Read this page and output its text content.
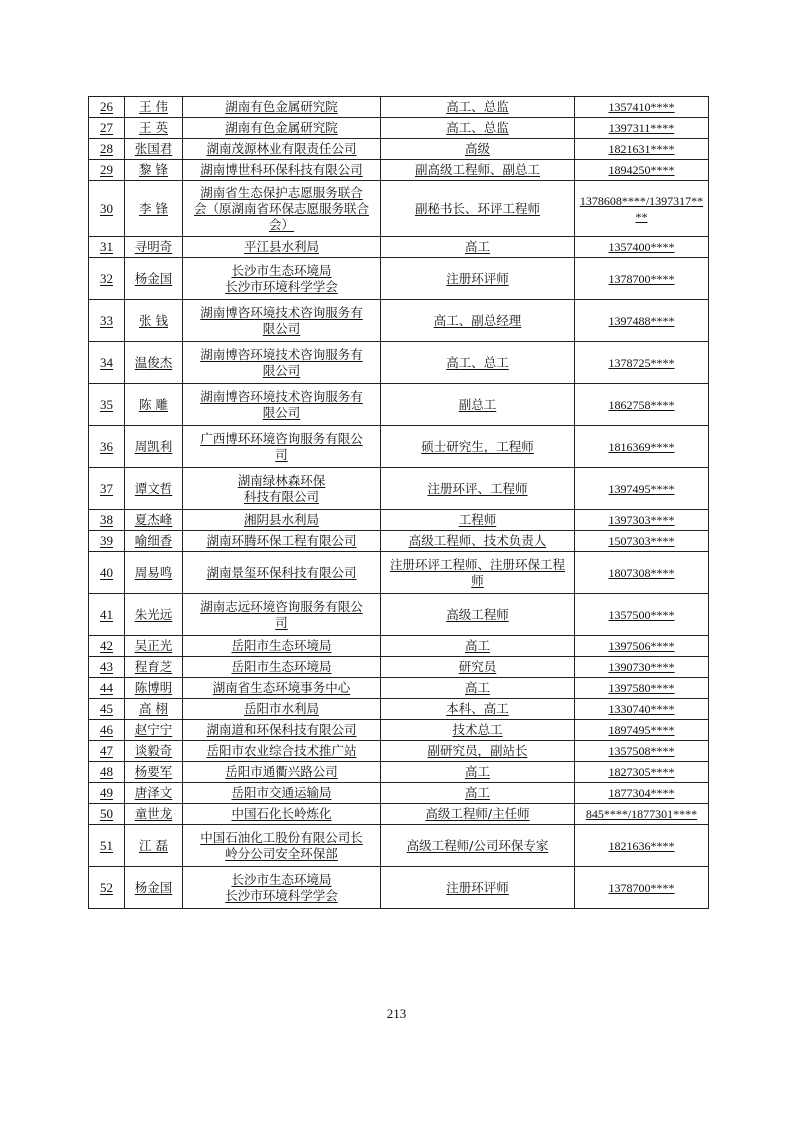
26	王 伟	湖南有色金属研究院	高工、总监	1357410****
27	王 英	湖南有色金属研究院	高工、总监	1397311****
28	张国君	湖南茂源林业有限责任公司	高级	1821631****
29	黎 锋	湖南博世科环保科技有限公司	副高级工程师、副总工	1894250****
30	李 锋	湖南省生态保护志愿服务联合
会（原湖南省环保志愿服务联合
会）	副秘书长、环评工程师	1378608****/1397317****
31	寻明奇	平江县水利局	高工	1357400****
32	杨金国	长沙市生态环境局
长沙市环境科学学会	注册环评师	1378700****
33	张 钱	湖南博咨环境技术咨询服务有
限公司	高工、副总经理	1397488****
34	温俊杰	湖南博咨环境技术咨询服务有
限公司	高工、总工	1378725****
35	陈 雕	湖南博咨环境技术咨询服务有
限公司	副总工	1862758****
36	周凯利	广西博环环境咨询服务有限公
司	硕士研究生，工程师	1816369****
37	谭文哲	湖南绿林森环保
科技有限公司	注册环评、工程师	1397495****
38	夏杰峰	湘阴县水利局	工程师	1397303****
39	喻细香	湖南环腾环保工程有限公司	高级工程师、技术负责人	1507303****
40	周易鸣	湖南景玺环保科技有限公司	注册环评工程师、注册环保工程
师	1807308****
41	朱光远	湖南志远环境咨询服务有限公
司	高级工程师	1357500****
42	吴正光	岳阳市生态环境局	高工	1397506****
43	程育芝	岳阳市生态环境局	研究员	1390730****
44	陈博明	湖南省生态环境事务中心	高工	1397580****
45	高 栩	岳阳市水利局	本科、高工	1330740****
46	赵宁宁	湖南道和环保科技有限公司	技术总工	1897495****
47	谈毅奇	岳阳市农业综合技术推广站	副研究员，副站长	1357508****
48	杨要军	岳阳市通衢兴路公司	高工	1827305****
49	唐泽文	岳阳市交通运输局	高工	1877304****
50	童世龙	中国石化长岭炼化	高级工程师/主任师	845****/1877301****
51	江 磊	中国石油化工股份有限公司长
岭分公司安全环保部	高级工程师/公司环保专家	1821636****
52	杨金国	长沙市生态环境局
长沙市环境科学学会	注册环评师	1378700****
213
